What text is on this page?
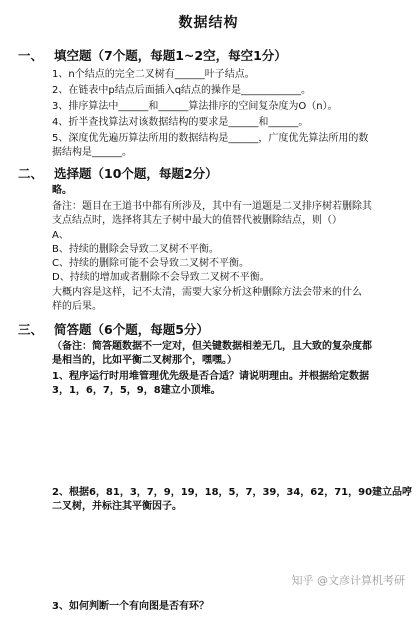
数据结构
一、 填空题（7个题，每题1~2空，每空1分）
1、n个结点的完全二叉树有______叶子结点。
2、在链表中p结点后面插入q结点的操作是____________。
3、排序算法中______和______算法排序的空间复杂度为O（n）。
4、折半查找算法对该数据结构的要求是______和______。
5、深度优先遍历算法所用的数据结构是______，广度优先算法所用的数
据结构是______。
二、 选择题（10个题，每题2分）
略。
备注：题目在王道书中都有所涉及，其中有一道题是二叉排序树若删除其
支点结点时，选择将其左子树中最大的值替代被删除结点，则（）
A、
B、持续的删除会导致二叉树不平衡。
C、持续的删除可能不会导致二叉树不平衡。
D、持续的增加或者删除不会导致二叉树不平衡。
大概内容是这样，记不太清，需要大家分析这种删除方法会带来的什么
样的后果。
三、 简答题（6个题，每题5分）
（备注：简答题数据不一定对，但关键数据相差无几，且大致的复杂度都
是相当的，比如平衡二叉树那个，嘿嘿。）
1、程序运行时用堆管理优先级是否合适？请说明理由。并根据给定数据
3，1，6，7，5，9，8建立小顶堆。
2、根据6，81，3，7，9，19，18，5，7，39，34，62，71，90建立品哼
二叉树，并标注其平衡因子。
知乎 @文彦计算机考研
3、如何判断一个有向图是否有环？
